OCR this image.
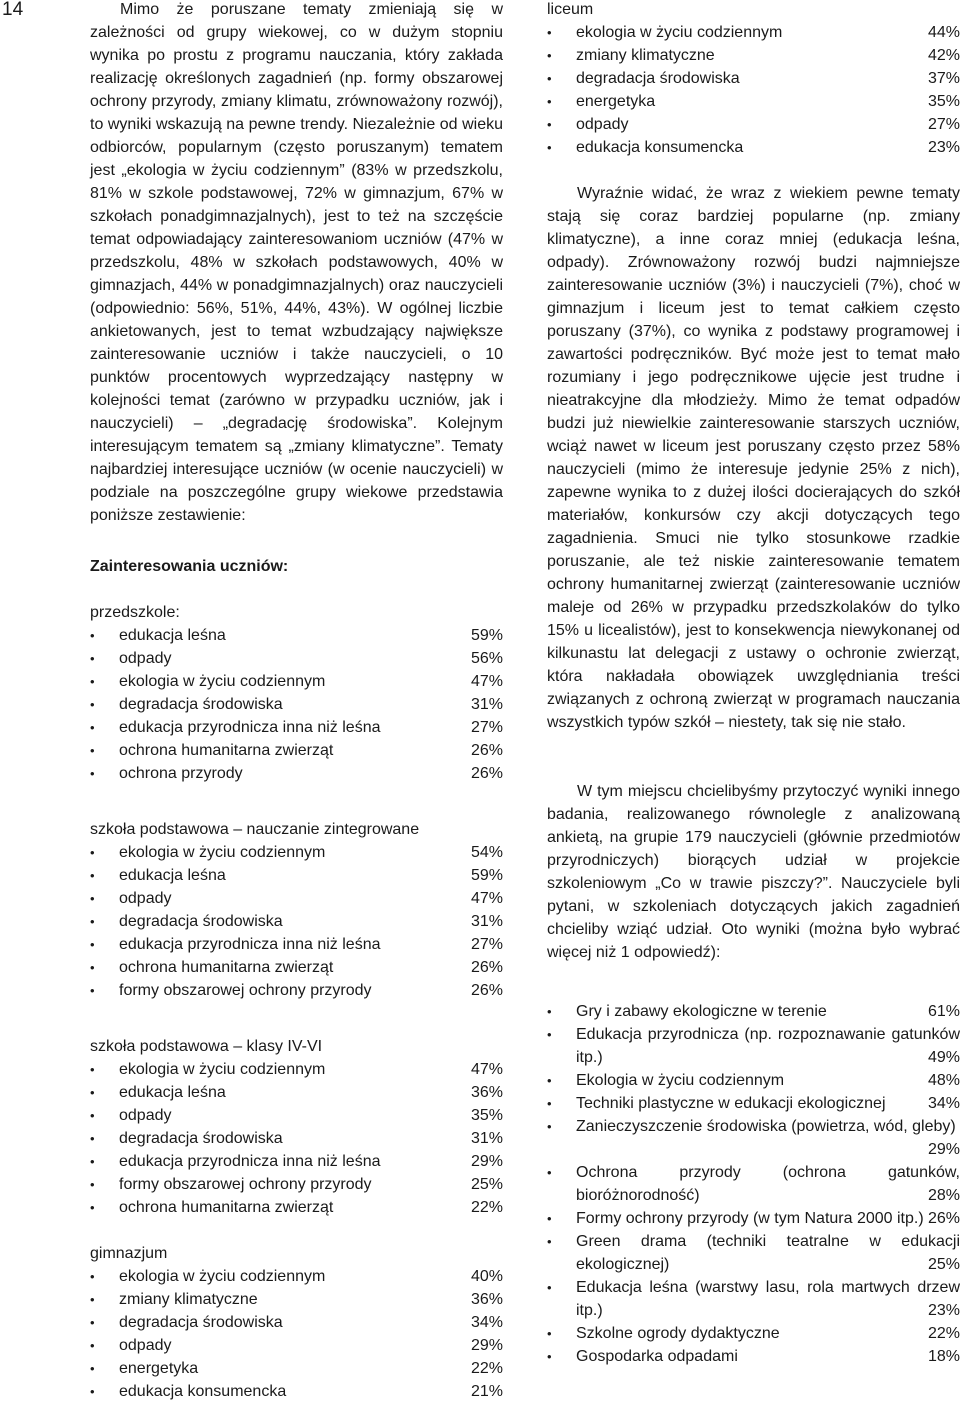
14	Mimo że poruszane tematy zmieniają się w zależności od grupy wiekowej, co w dużym stopniu wynika po prostu z programu nauczania, który zakłada realizację określonych zagadnień (np. formy obszarowej ochrony przyrody, zmiany klimatu, zrównoważony rozwój), to wyniki wskazują na pewne trendy. Niezależnie od wieku odbiorców, popularnym (często poruszanym) tematem jest „ekologia w życiu codziennym” (83% w przedszkolu, 81% w szkole podstawowej, 72% w gimnazjum, 67% w szkołach ponadgimnazjalnych), jest to też na szczęście temat odpowiadający zainteresowaniom uczniów (47% w przedszkolu, 48% w szkołach podstawowych, 40% w gimnazjach, 44% w ponadgimnazjalnych) oraz nauczycieli (odpowiednio: 56%, 51%, 44%, 43%). W ogólnej liczbie ankietowanych, jest to temat wzbudzający największe zainteresowanie uczniów i także nauczycieli, o 10 punktów procentowych wyprzedzający następny w kolejności temat (zarówno w przypadku uczniów, jak i nauczycieli) – „degradację środowiska”. Kolejnym interesującym tematem są „zmiany klimatyczne”. Tematy najbardziej interesujące uczniów (w ocenie nauczycieli) w podziale na poszczególne grupy wiekowe przedstawia poniższe zestawienie:

Zainteresowania uczniów:
przedszkole:
• edukacja leśna	59%
• odpady	56%
• ekologia w życiu codziennym	47%
• degradacja środowiska	31%
• edukacja przyrodnicza inna niż leśna	27%
• ochrona humanitarna zwierząt	26%
• ochrona przyrody	26%
szkoła podstawowa – nauczanie zintegrowane
• ekologia w życiu codziennym	54%
• edukacja leśna	59%
• odpady	47%
• degradacja środowiska	31%
• edukacja przyrodnicza inna niż leśna	27%
• ochrona humanitarna zwierząt	26%
• formy obszarowej ochrony przyrody	26%
szkoła podstawowa – klasy IV-VI
• ekologia w życiu codziennym	47%
• edukacja leśna	36%
• odpady	35%
• degradacja środowiska	31%
• edukacja przyrodnicza inna niż leśna	29%
• formy obszarowej ochrony przyrody	25%
• ochrona humanitarna zwierząt	22%
gimnazjum
• ekologia w życiu codziennym	40%
• zmiany klimatyczne	36%
• degradacja środowiska	34%
• odpady	29%
• energetyka	22%
• edukacja konsumencka	21%
liceum
• ekologia w życiu codziennym	44%
• zmiany klimatyczne	42%
• degradacja środowiska	37%
• energetyka	35%
• odpady	27%
• edukacja konsumencka	23%

Wyraźnie widać, że wraz z wiekiem pewne tematy stają się coraz bardziej popularne (np. zmiany klimatyczne), a inne coraz mniej (edukacja leśna, odpady). Zrównoważony rozwój budzi najmniejsze zainteresowanie uczniów (3%) i nauczycieli (7%), choć w gimnazjum i liceum jest to temat całkiem często poruszany (37%), co wynika z podstawy programowej i zawartości podręczników. Być może jest to temat mało rozumiany i jego podręcznikowe ujęcie jest trudne i nieatrakcyjne dla młodzieży. Mimo że temat odpadów budzi już niewielkie zainteresowanie starszych uczniów, wciąż nawet w liceum jest poruszany często przez 58% nauczycieli (mimo że interesuje jedynie 25% z nich), zapewne wynika to z dużej ilości docierających do szkół materiałów, konkursów czy akcji dotyczących tego zagadnienia. Smuci nie tylko stosunkowe rzadkie poruszanie, ale też niskie zainteresowanie tematem ochrony humanitarnej zwierząt (zainteresowanie uczniów maleje od 26% w przypadku przedszkolaków do tylko 15% u licealistów), jest to konsekwencja niewykonanej od kilkunastu lat delegacji z ustawy o ochronie zwierząt, która nakładała obowiązek uwzględniania treści związanych z ochroną zwierząt w programach nauczania wszystkich typów szkół – niestety, tak się nie stało.

W tym miejscu chcielibyśmy przytoczyć wyniki innego badania, realizowanego równolegle z analizowaną ankietą, na grupie 179 nauczycieli (głównie przedmiotów przyrodniczych) biorących udział w projekcie szkoleniowym „Co w trawie piszczy?”. Nauczyciele byli pytani, w szkoleniach dotyczących jakich zagadnień chcieliby wziąć udział. Oto wyniki (można było wybrać więcej niż 1 odpowiedź):

• Gry i zabawy ekologiczne w terenie	61%
• Edukacja przyrodnicza (np. rozpoznawanie gatunków itp.)	49%
• Ekologia w życiu codziennym	48%
• Techniki plastyczne w edukacji ekologicznej	34%
• Zanieczyszczenie środowiska (powietrza, wód, gleby)
29%
• Ochrona przyrody (ochrona gatunków, bioróżnorodność)	28%
• Formy ochrony przyrody (w tym Natura 2000 itp.) 26%
• Green drama (techniki teatralne w edukacji ekologicznej)	25%
• Edukacja leśna (warstwy lasu, rola martwych drzew itp.)	23%
• Szkolne ogrody dydaktyczne	22%
• Gospodarka odpadami	18%
